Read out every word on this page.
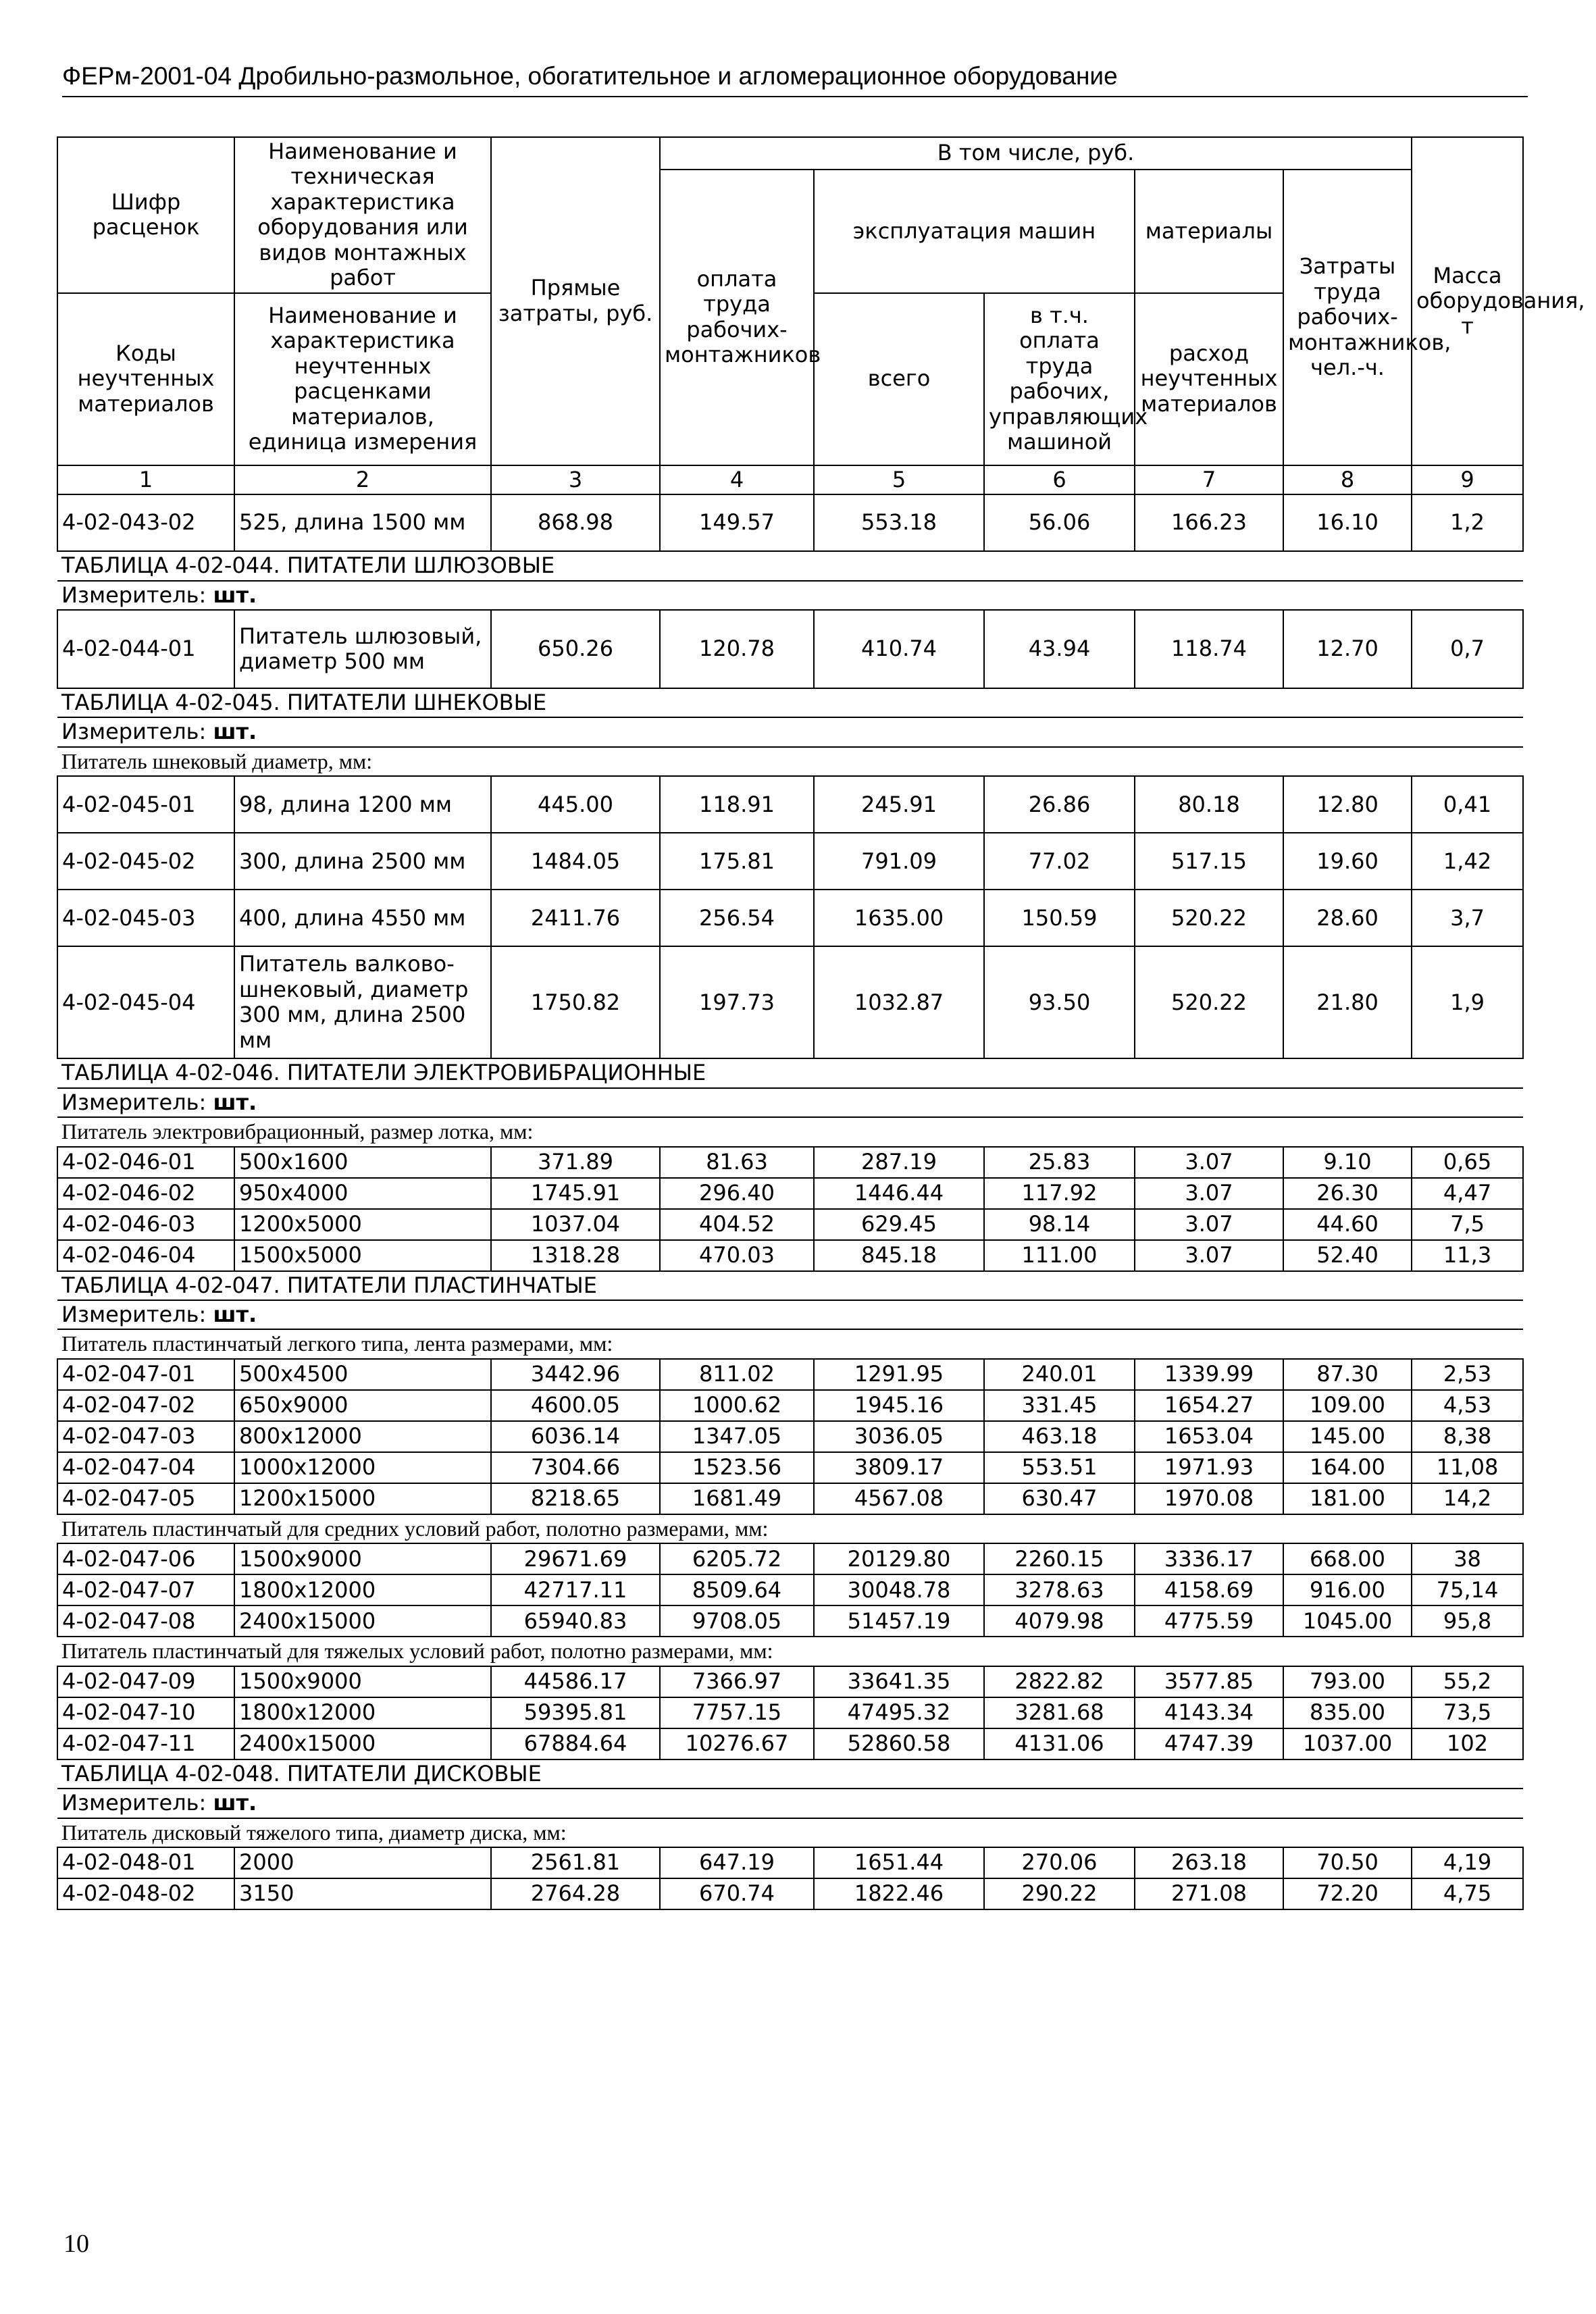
ФЕРм-2001-04 Дробильно-размольное, обогатительное и агломерационное оборудование
Шифр расценок	Наименование и техническая характеристика оборудования или видов монтажных работ	Прямые затраты, руб.	В том числе, руб.					Масса оборудования, т
			оплата труда рабочих-монтажников	эксплуатация машин		материалы	Затраты труда рабочих-монтажников, чел.-ч.	
Коды неучтенных материалов	Наименование и характеристика неучтенных расценками материалов, единица измерения			всего	в т.ч. оплата труда рабочих, управляющих машиной	расход неучтенных материалов		

1	2	3	4	5	6	7	8	9
4-02-043-02	525, длина 1500 мм	868.98	149.57	553.18	56.06	166.23	16.10	1,2
ТАБЛИЦА 4-02-044. ПИТАТЕЛИ ШЛЮЗОВЫЕ								
Измеритель: шт.								
4-02-044-01	Питатель шлюзовый, диаметр 500 мм	650.26	120.78	410.74	43.94	118.74	12.70	0,7
ТАБЛИЦА 4-02-045. ПИТАТЕЛИ ШНЕКОВЫЕ								
Измеритель: шт.								
Питатель шнековый диаметр, мм:								
4-02-045-01	98, длина 1200 мм	445.00	118.91	245.91	26.86	80.18	12.80	0,41
4-02-045-02	300, длина 2500 мм	1484.05	175.81	791.09	77.02	517.15	19.60	1,42
4-02-045-03	400, длина 4550 мм	2411.76	256.54	1635.00	150.59	520.22	28.60	3,7
4-02-045-04	Питатель валково-шнековый, диаметр 300 мм, длина 2500 мм	1750.82	197.73	1032.87	93.50	520.22	21.80	1,9
ТАБЛИЦА 4-02-046. ПИТАТЕЛИ ЭЛЕКТРОВИБРАЦИОННЫЕ								
Измеритель: шт.								
Питатель электровибрационный, размер лотка, мм:								
4-02-046-01	500x1600	371.89	81.63	287.19	25.83	3.07	9.10	0,65
4-02-046-02	950x4000	1745.91	296.40	1446.44	117.92	3.07	26.30	4,47
4-02-046-03	1200x5000	1037.04	404.52	629.45	98.14	3.07	44.60	7,5
4-02-046-04	1500x5000	1318.28	470.03	845.18	111.00	3.07	52.40	11,3
ТАБЛИЦА 4-02-047. ПИТАТЕЛИ ПЛАСТИНЧАТЫЕ								
Измеритель: шт.								
Питатель пластинчатый легкого типа, лента размерами, мм:								
4-02-047-01	500x4500	3442.96	811.02	1291.95	240.01	1339.99	87.30	2,53
4-02-047-02	650x9000	4600.05	1000.62	1945.16	331.45	1654.27	109.00	4,53
4-02-047-03	800x12000	6036.14	1347.05	3036.05	463.18	1653.04	145.00	8,38
4-02-047-04	1000x12000	7304.66	1523.56	3809.17	553.51	1971.93	164.00	11,08
4-02-047-05	1200x15000	8218.65	1681.49	4567.08	630.47	1970.08	181.00	14,2
Питатель пластинчатый для средних условий работ, полотно размерами, мм:								
4-02-047-06	1500x9000	29671.69	6205.72	20129.80	2260.15	3336.17	668.00	38
4-02-047-07	1800x12000	42717.11	8509.64	30048.78	3278.63	4158.69	916.00	75,14
4-02-047-08	2400x15000	65940.83	9708.05	51457.19	4079.98	4775.59	1045.00	95,8
Питатель пластинчатый для тяжелых условий работ, полотно размерами, мм:								
4-02-047-09	1500x9000	44586.17	7366.97	33641.35	2822.82	3577.85	793.00	55,2
4-02-047-10	1800x12000	59395.81	7757.15	47495.32	3281.68	4143.34	835.00	73,5
4-02-047-11	2400x15000	67884.64	10276.67	52860.58	4131.06	4747.39	1037.00	102
ТАБЛИЦА 4-02-048. ПИТАТЕЛИ ДИСКОВЫЕ								
Измеритель: шт.								
Питатель дисковый тяжелого типа, диаметр диска, мм:								
4-02-048-01	2000	2561.81	647.19	1651.44	270.06	263.18	70.50	4,19
4-02-048-02	3150	2764.28	670.74	1822.46	290.22	271.08	72.20	4,75
10
